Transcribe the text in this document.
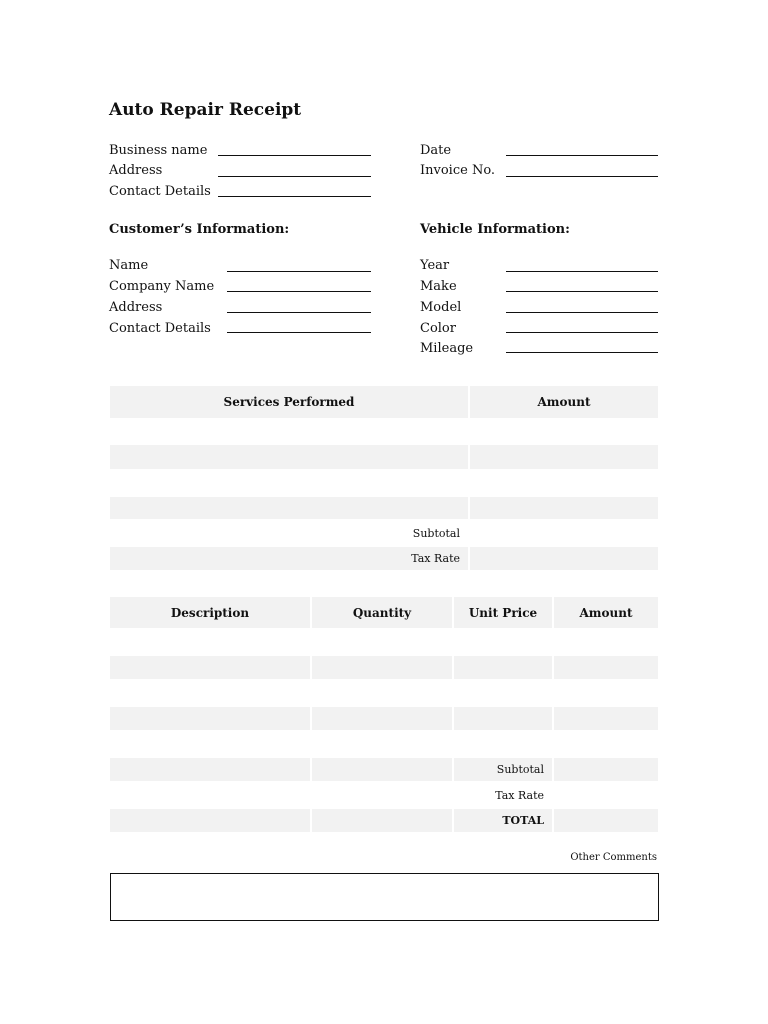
Auto Repair Receipt
Business name
Address
Contact Details
Date
Invoice No.
Customer’s Information:
Name
Company Name
Address
Contact Details
Vehicle Information:
Year
Make
Model
Color
Mileage
Services Performed	Amount

Subtotal	
Tax Rate	
Description	Quantity	Unit Price	Amount

		Subtotal	
		Tax Rate	
		TOTAL	
Other Comments
